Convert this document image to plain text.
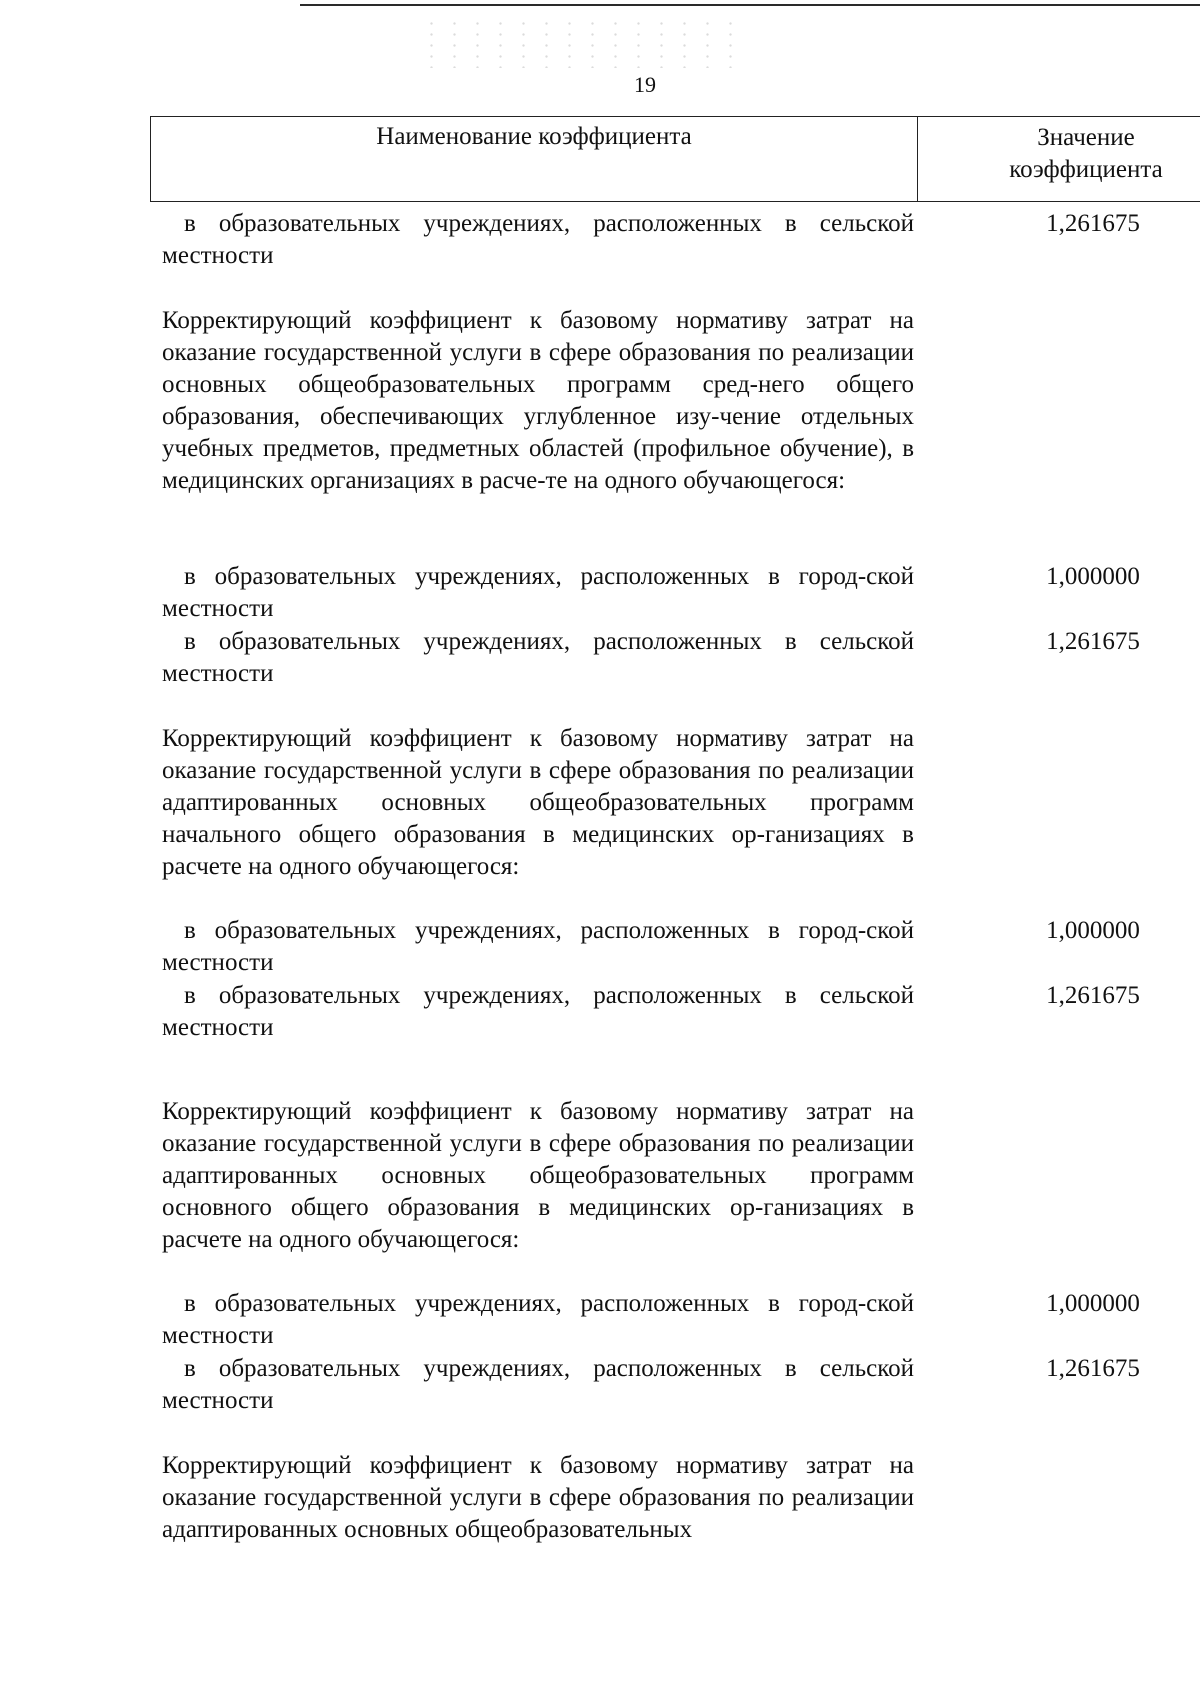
19
Наименование коэффициента	Значение
коэффициента
в образовательных учреждениях, расположенных в сельской местности
1,261675
Корректирующий коэффициент к базовому нормативу затрат на оказание государственной услуги в сфере образования по реализации основных общеобразовательных программ сред-него общего образования, обеспечивающих углубленное изу-чение отдельных учебных предметов, предметных областей (профильное обучение), в медицинских организациях в расче-те на одного обучающегося:
в образовательных учреждениях, расположенных в город-ской местности
1,000000
в образовательных учреждениях, расположенных в сельской местности
1,261675
Корректирующий коэффициент к базовому нормативу затрат на оказание государственной услуги в сфере образования по реализации адаптированных основных общеобразовательных программ начального общего образования в медицинских ор-ганизациях в расчете на одного обучающегося:
в образовательных учреждениях, расположенных в город-ской местности
1,000000
в образовательных учреждениях, расположенных в сельской местности
1,261675
Корректирующий коэффициент к базовому нормативу затрат на оказание государственной услуги в сфере образования по реализации адаптированных основных общеобразовательных программ основного общего образования в медицинских ор-ганизациях в расчете на одного обучающегося:
в образовательных учреждениях, расположенных в город-ской местности
1,000000
в образовательных учреждениях, расположенных в сельской местности
1,261675
Корректирующий коэффициент к базовому нормативу затрат на оказание государственной услуги в сфере образования по реализации адаптированных основных общеобразовательных
